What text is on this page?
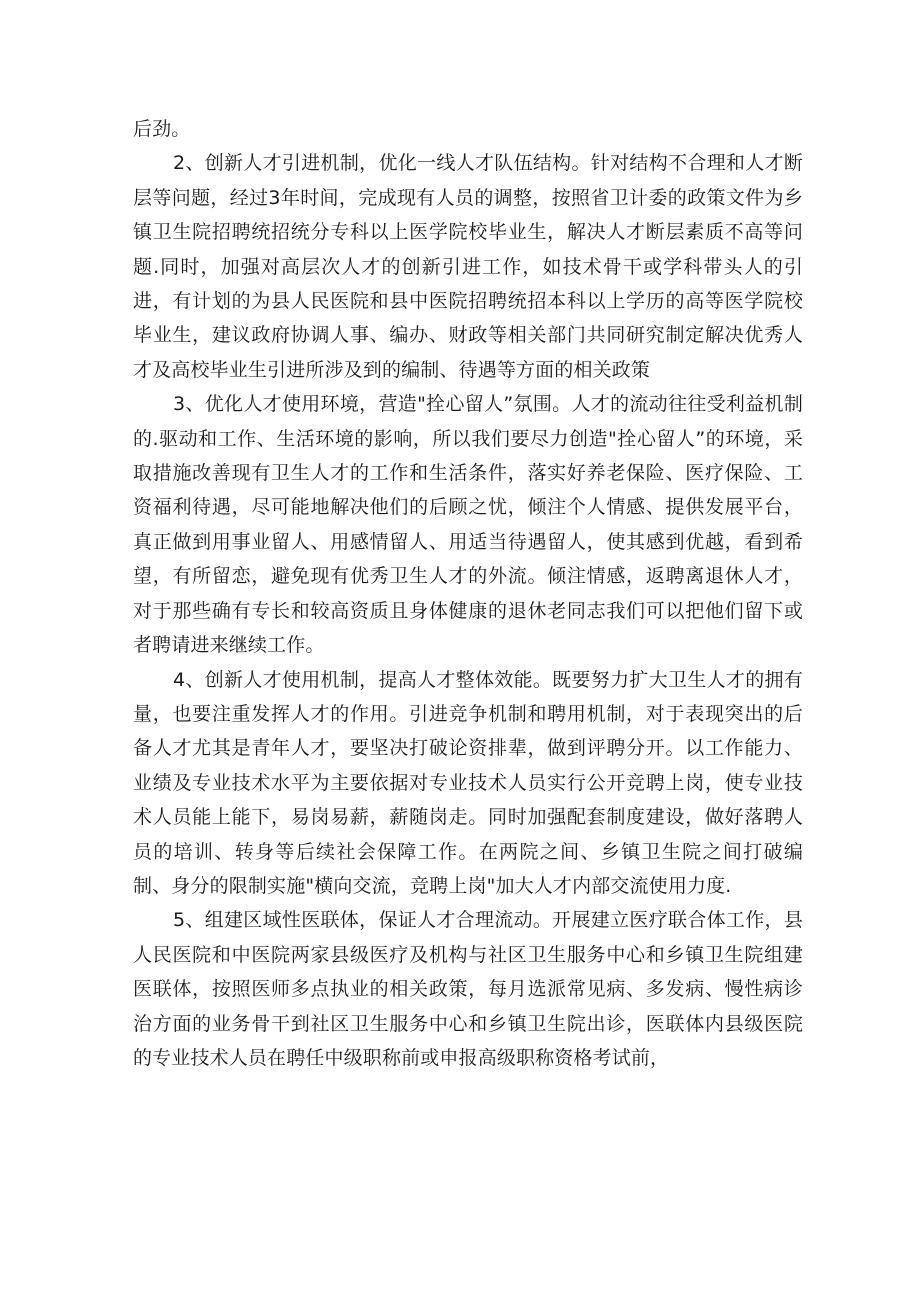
后劲。

2、创新人才引进机制，优化一线人才队伍结构。针对结构不合理和人才断层等问题，经过3年时间，完成现有人员的调整，按照省卫计委的政策文件为乡镇卫生院招聘统招统分专科以上医学院校毕业生，解决人才断层素质不高等问题.同时，加强对高层次人才的创新引进工作，如技术骨干或学科带头人的引进，有计划的为县人民医院和县中医院招聘统招本科以上学历的高等医学院校毕业生，建议政府协调人事、编办、财政等相关部门共同研究制定解决优秀人才及高校毕业生引进所涉及到的编制、待遇等方面的相关政策

3、优化人才使用环境，营造"拴心留人”氛围。人才的流动往往受利益机制的.驱动和工作、生活环境的影响，所以我们要尽力创造"拴心留人”的环境，采取措施改善现有卫生人才的工作和生活条件，落实好养老保险、医疗保险、工资福利待遇，尽可能地解决他们的后顾之忧，倾注个人情感、提供发展平台，真正做到用事业留人、用感情留人、用适当待遇留人，使其感到优越，看到希望，有所留恋，避免现有优秀卫生人才的外流。倾注情感，返聘离退休人才，对于那些确有专长和较高资质且身体健康的退休老同志我们可以把他们留下或者聘请进来继续工作。

4、创新人才使用机制，提高人才整体效能。既要努力扩大卫生人才的拥有量，也要注重发挥人才的作用。引进竞争机制和聘用机制，对于表现突出的后备人才尤其是青年人才，要坚决打破论资排辈，做到评聘分开。以工作能力、业绩及专业技术水平为主要依据对专业技术人员实行公开竞聘上岗，使专业技术人员能上能下，易岗易薪，薪随岗走。同时加强配套制度建设，做好落聘人员的培训、转身等后续社会保障工作。在两院之间、乡镇卫生院之间打破编制、身分的限制实施"横向交流，竞聘上岗"加大人才内部交流使用力度.

5、组建区域性医联体，保证人才合理流动。开展建立医疗联合体工作，县人民医院和中医院两家县级医疗及机构与社区卫生服务中心和乡镇卫生院组建医联体，按照医师多点执业的相关政策，每月选派常见病、多发病、慢性病诊治方面的业务骨干到社区卫生服务中心和乡镇卫生院出诊，医联体内县级医院的专业技术人员在聘任中级职称前或申报高级职称资格考试前，
